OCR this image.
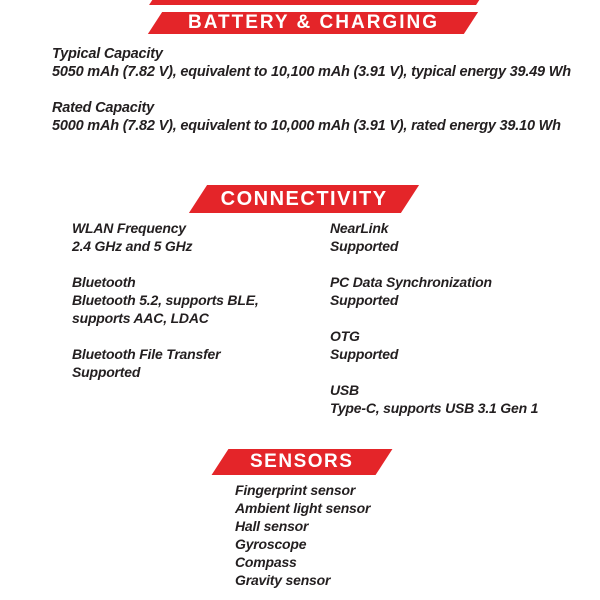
BATTERY & CHARGING
Typical Capacity
5050 mAh (7.82 V), equivalent to 10,100 mAh (3.91 V), typical energy 39.49 Wh
Rated Capacity
5000 mAh (7.82 V), equivalent to 10,000 mAh (3.91 V), rated energy 39.10 Wh
CONNECTIVITY
WLAN Frequency
2.4 GHz and 5 GHz
Bluetooth
Bluetooth 5.2, supports BLE,
supports AAC, LDAC
Bluetooth File Transfer
Supported
NearLink
Supported
PC Data Synchronization
Supported
OTG
Supported
USB
Type-C, supports USB 3.1 Gen 1
SENSORS
Fingerprint sensor
Ambient light sensor
Hall sensor
Gyroscope
Compass
Gravity sensor
